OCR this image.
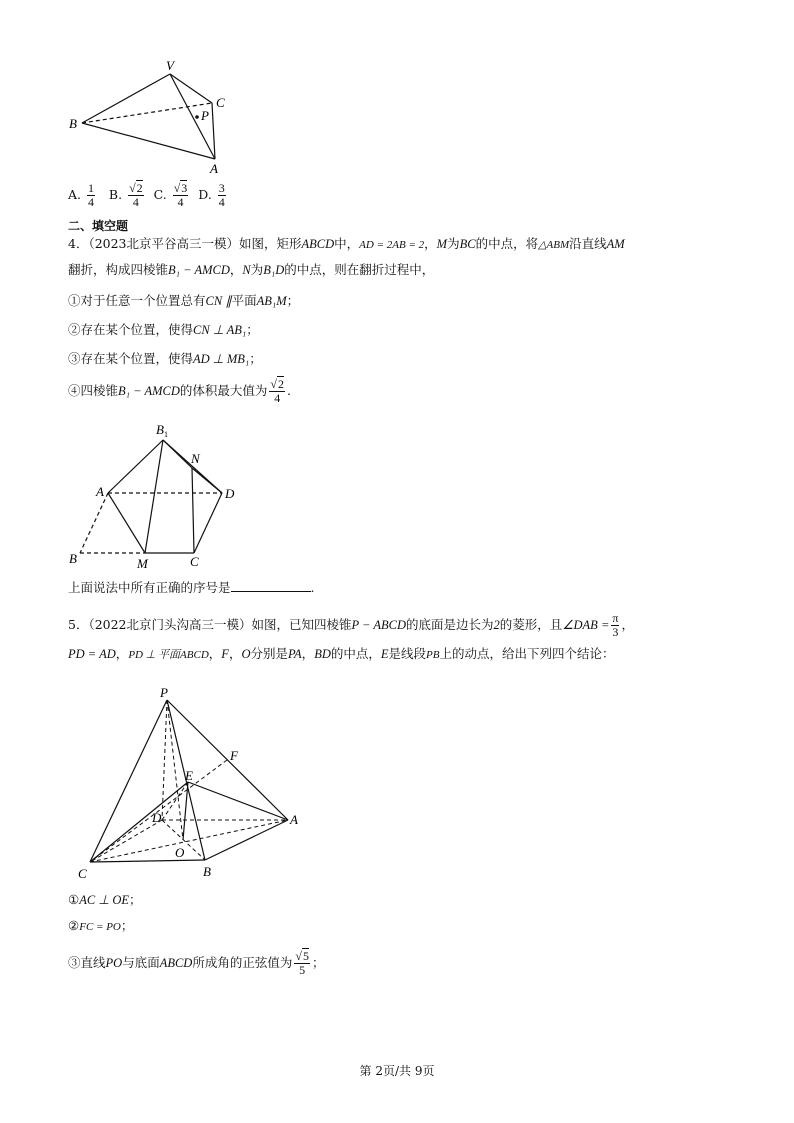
V
C
P
B
A
A. $\frac{1}{4} B$. $\frac{√2}{4} C$. $\frac{√3}{4} D$. $\frac{3}{4}$
二、填空题
4．（2023北京平谷高三一模）如图，矩形ABCD中，AD = 2AB = 2，M为BC的中点，将△ABM沿直线AM
翻折，构成四棱锥B₁ − AMCD，N为B₁D的中点，则在翻折过程中，
①对于任意一个位置总有CN ∥平面AB₁M；
②存在某个位置，使得CN ⊥ AB₁；
③存在某个位置，使得AD ⊥ MB₁；
④四棱锥B₁ − AMCD的体积最大值为 $\frac{√2}{4}$ .
$B_1$
N
A	D
B	M	C
上面说法中所有正确的序号是	.
5．（2022北京门头沟高三一模）如图，已知四棱锥P − ABCD的底面是边长为2的菱形，且∠DAB = $\frac{\pi}{3}$ ，
PD = AD，PD ⊥ 平面ABCD，F，O分别是PA，BD的中点，E是线段PB上的动点，给出下列四个结论：
P
F
E
D	A
O
C	B
①AC ⊥ OE；
②FC = PO；
③直线PO与底面ABCD所成角的正弦值为 $\frac{√5}{5}$ ；
第 2页/共 9页
